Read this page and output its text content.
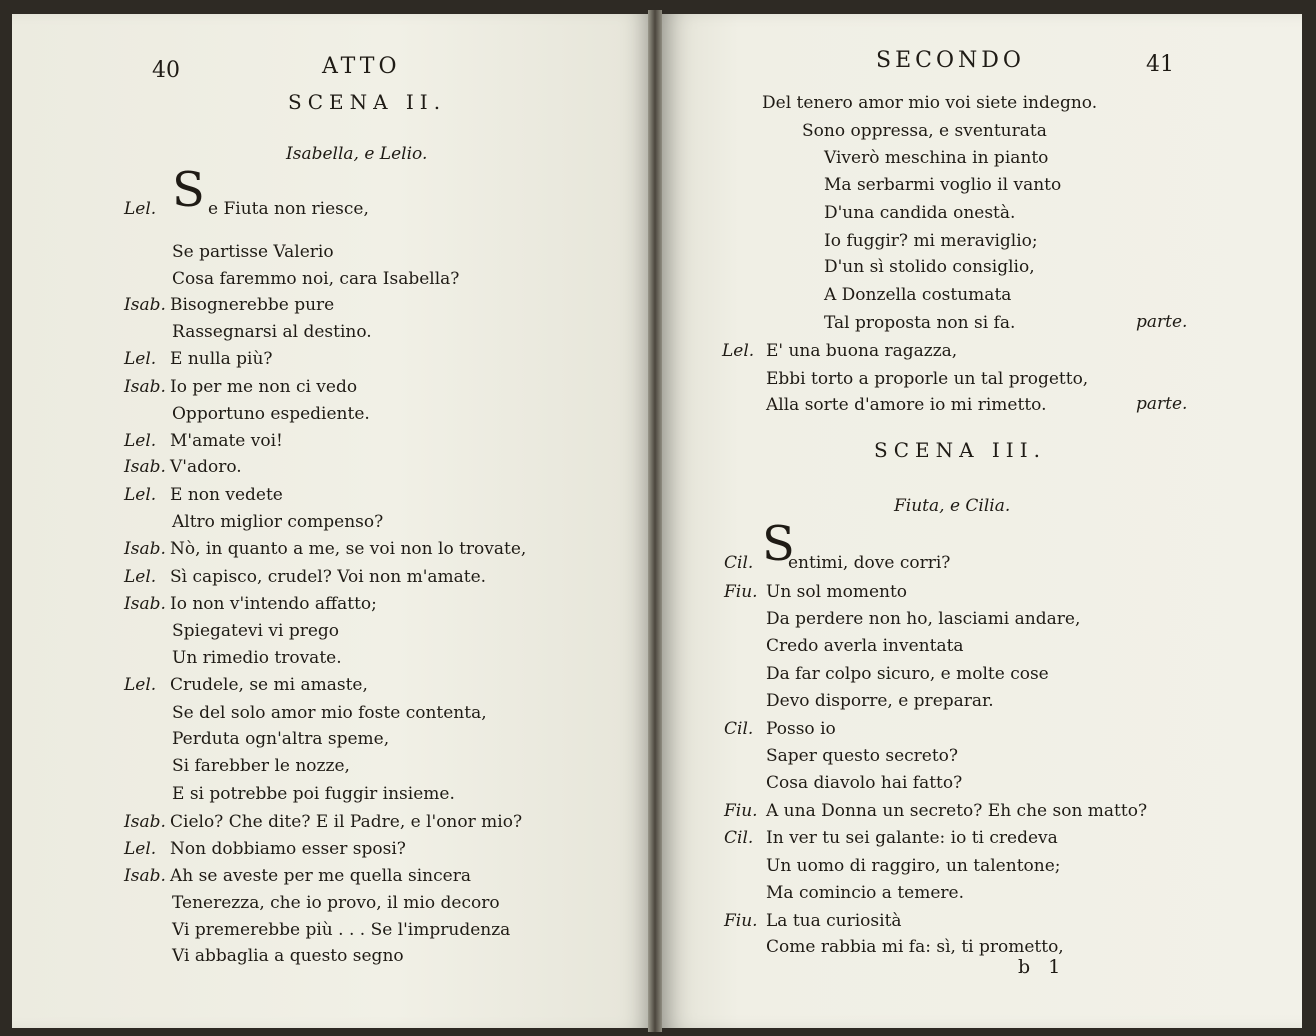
40	ATTO
SCENA II.
Isabella, e Lelio.
S
Lel.	e Fiuta non riesce,
Se partisse Valerio
Cosa faremmo noi, cara Isabella?
Isab. Bisognerebbe pure
Rassegnarsi al destino.
Lel. E nulla più?
Isab. Io per me non ci vedo
Opportuno espediente.
Lel. M'amate voi!
Isab. V'adoro.
Lel. E non vedete
Altro miglior compenso?
Isab. Nò, in quanto a me, se voi non lo trovate,
Lel. Sì capisco, crudel? Voi non m'amate.
Isab. Io non v'intendo affatto;
Spiegatevi vi prego
Un rimedio trovate.
Lel. Crudele, se mi amaste,
Se del solo amor mio foste contenta,
Perduta ogn'altra speme,
Si farebber le nozze,
E si potrebbe poi fuggir insieme.
Isab. Cielo? Che dite? E il Padre, e l'onor mio?
Lel. Non dobbiamo esser sposi?
Isab. Ah se aveste per me quella sincera
Tenerezza, che io provo, il mio decoro
Vi premerebbe più . . . Se l'imprudenza
Vi abbaglia a questo segno
SECONDO	41
Del tenero amor mio voi siete indegno.
Sono oppressa, e sventurata
Viverò meschina in pianto
Ma serbarmi voglio il vanto
D'una candida onestà.
Io fuggir? mi meraviglio;
D'un sì stolido consiglio,
A Donzella costumata
Tal proposta non si fa.	parte.
Lel. E' una buona ragazza,
Ebbi torto a proporle un tal progetto,
Alla sorte d'amore io mi rimetto.	parte.
SCENA III.
Fiuta, e Cilia.
S
Cil. entimi, dove corri?
Fiu. Un sol momento
Da perdere non ho, lasciami andare,
Credo averla inventata
Da far colpo sicuro, e molte cose
Devo disporre, e preparar.
Cil. Posso io
Saper questo secreto?
Cosa diavolo hai fatto?
Fiu. A una Donna un secreto? Eh che son matto?
Cil. In ver tu sei galante: io ti credeva
Un uomo di raggiro, un talentone;
Ma comincio a temere.
Fiu. La tua curiosità
Come rabbia mi fa: sì, ti prometto,
b 1
